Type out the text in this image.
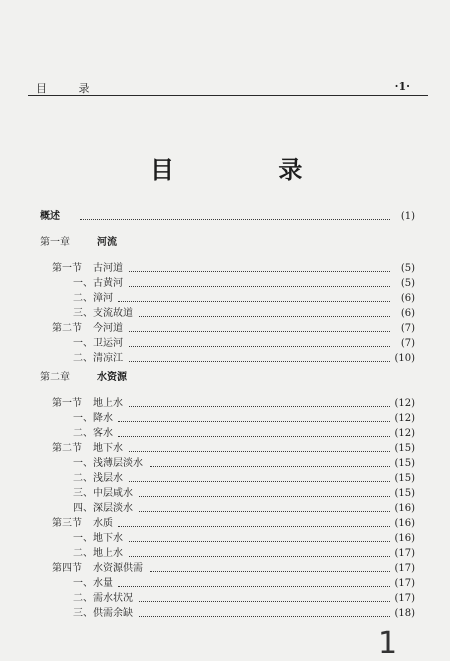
目 录	·1·
目 录
概述	(1)
第一章	河流
第一节 古河道	(5)
一、 古黄河	(5)
二、 漳河	(6)
三、 支流故道	(6)
第二节 今河道	(7)
一、 卫运河	(7)
二、 清凉江	(10)
第二章	水资源
第一节 地上水	(12)
一、 降水	(12)
二、 客水	(12)
第二节 地下水	(15)
一、 浅薄层淡水	(15)
二、 浅层水	(15)
三、 中层咸水	(15)
四、 深层淡水	(16)
第三节 水质	(16)
一、 地下水	(16)
二、 地上水	(17)
第四节 水资源供需	(17)
一、 水量	(17)
二、 需水状况	(17)
三、 供需余缺	(18)
1
